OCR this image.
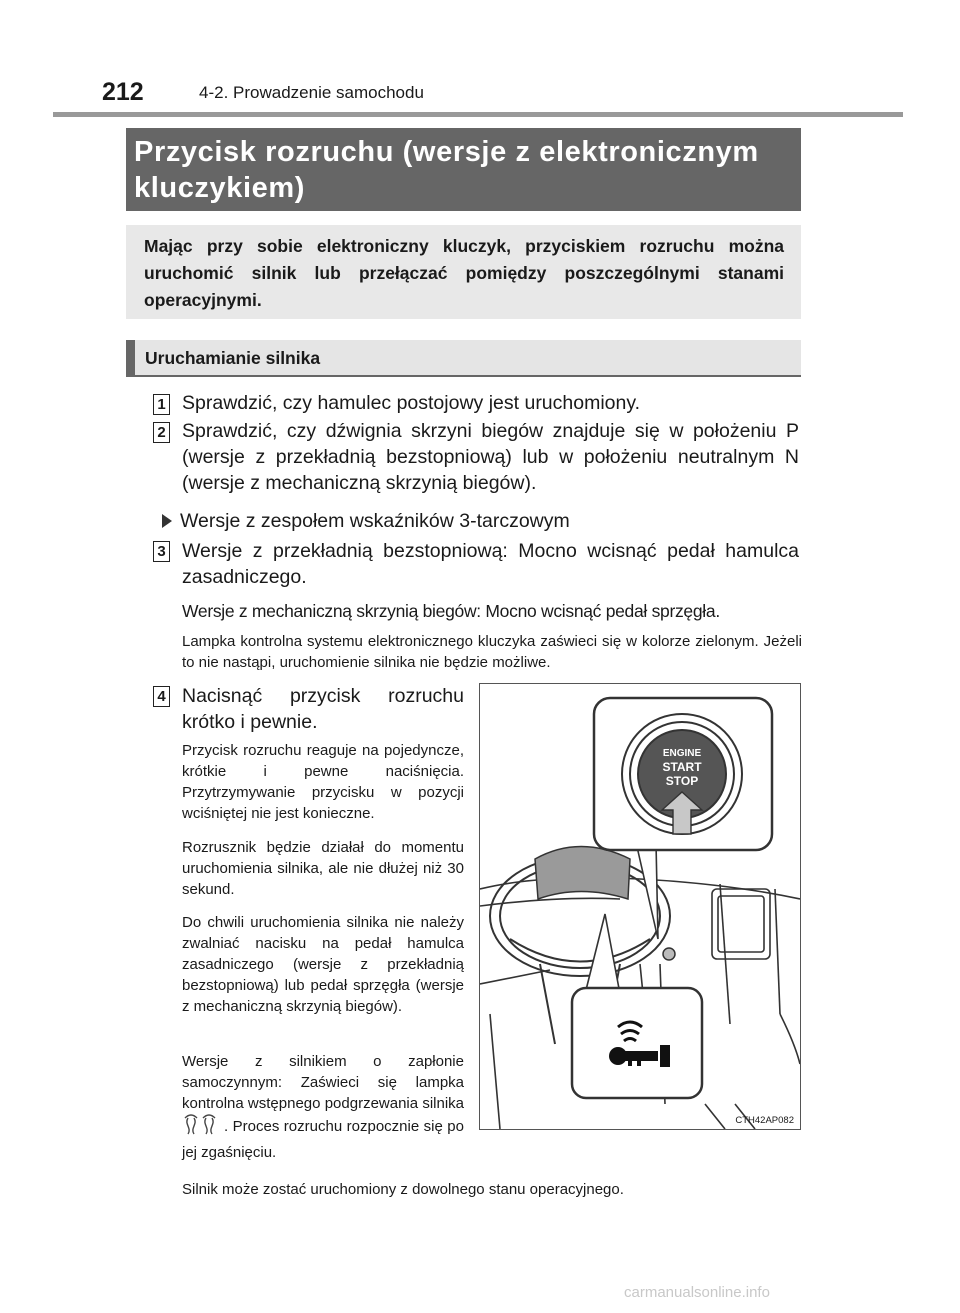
212	4-2. Prowadzenie samochodu
Przycisk rozruchu (wersje z elektronicznym
kluczykiem)
Mając przy sobie elektroniczny kluczyk, przyciskiem rozruchu można uruchomić silnik lub przełączać pomiędzy poszczególnymi stanami operacyjnymi.
Uruchamianie silnika
1 Sprawdzić, czy hamulec postojowy jest uruchomiony.
2 Sprawdzić, czy dźwignia skrzyni biegów znajduje się w położeniu P (wersje z przekładnią bezstopniową) lub w położeniu neutralnym N (wersje z mechaniczną skrzynią biegów).
Wersje z zespołem wskaźników 3-tarczowym
3 Wersje z przekładnią bezstopniową: Mocno wcisnąć pedał hamulca zasadniczego.
Wersje z mechaniczną skrzynią biegów: Mocno wcisnąć pedał sprzęgła.
Lampka kontrolna systemu elektronicznego kluczyka zaświeci się w kolorze zielonym. Jeżeli to nie nastąpi, uruchomienie silnika nie będzie możliwe.
4 Nacisnąć przycisk rozruchu krótko i pewnie.
Przycisk rozruchu reaguje na pojedyncze, krótkie i pewne naciśnięcia. Przytrzymywanie przycisku w pozycji wciśniętej nie jest konieczne.
Rozrusznik będzie działał do momentu uruchomienia silnika, ale nie dłużej niż 30 sekund.
Do chwili uruchomienia silnika nie należy zwalniać nacisku na pedał hamulca zasadniczego (wersje z przekładnią bezstopniową) lub pedał sprzęgła (wersje z mechaniczną skrzynią biegów).
Wersje z silnikiem o zapłonie samoczynnym: Zaświeci się lampka kontrolna wstępnego podgrzewania silnika . Proces rozruchu rozpocznie się po jej zgaśnięciu.
ENGINE
START
STOP
CTH42AP082
Silnik może zostać uruchomiony z dowolnego stanu operacyjnego.
carmanualsonline.info
